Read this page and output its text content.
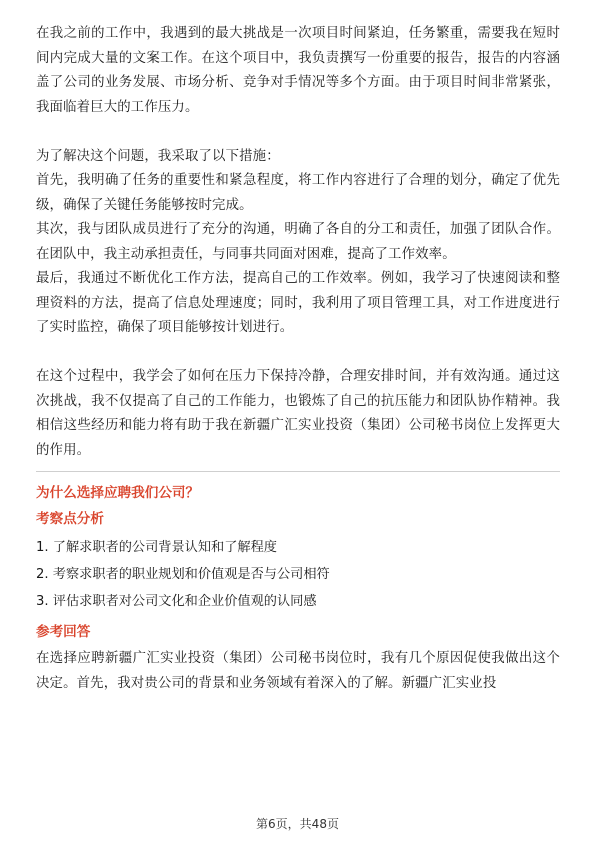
在我之前的工作中，我遇到的最大挑战是一次项目时间紧迫，任务繁重，需要我在短时间内完成大量的文案工作。在这个项目中，我负责撰写一份重要的报告，报告的内容涵盖了公司的业务发展、市场分析、竞争对手情况等多个方面。由于项目时间非常紧张，我面临着巨大的工作压力。

为了解决这个问题，我采取了以下措施：

首先，我明确了任务的重要性和紧急程度，将工作内容进行了合理的划分，确定了优先级，确保了关键任务能够按时完成。

其次，我与团队成员进行了充分的沟通，明确了各自的分工和责任，加强了团队合作。在团队中，我主动承担责任，与同事共同面对困难，提高了工作效率。

最后，我通过不断优化工作方法，提高自己的工作效率。例如，我学习了快速阅读和整理资料的方法，提高了信息处理速度；同时，我利用了项目管理工具，对工作进度进行了实时监控，确保了项目能够按计划进行。

在这个过程中，我学会了如何在压力下保持冷静，合理安排时间，并有效沟通。通过这次挑战，我不仅提高了自己的工作能力，也锻炼了自己的抗压能力和团队协作精神。我相信这些经历和能力将有助于我在新疆广汇实业投资（集团）公司秘书岗位上发挥更大的作用。

为什么选择应聘我们公司？
考察点分析
1. 了解求职者的公司背景认知和了解程度
2. 考察求职者的职业规划和价值观是否与公司相符
3. 评估求职者对公司文化和企业价值观的认同感
参考回答

在选择应聘新疆广汇实业投资（集团）公司秘书岗位时，我有几个原因促使我做出这个决定。首先，我对贵公司的背景和业务领域有着深入的了解。新疆广汇实业投

第6页，共48页
